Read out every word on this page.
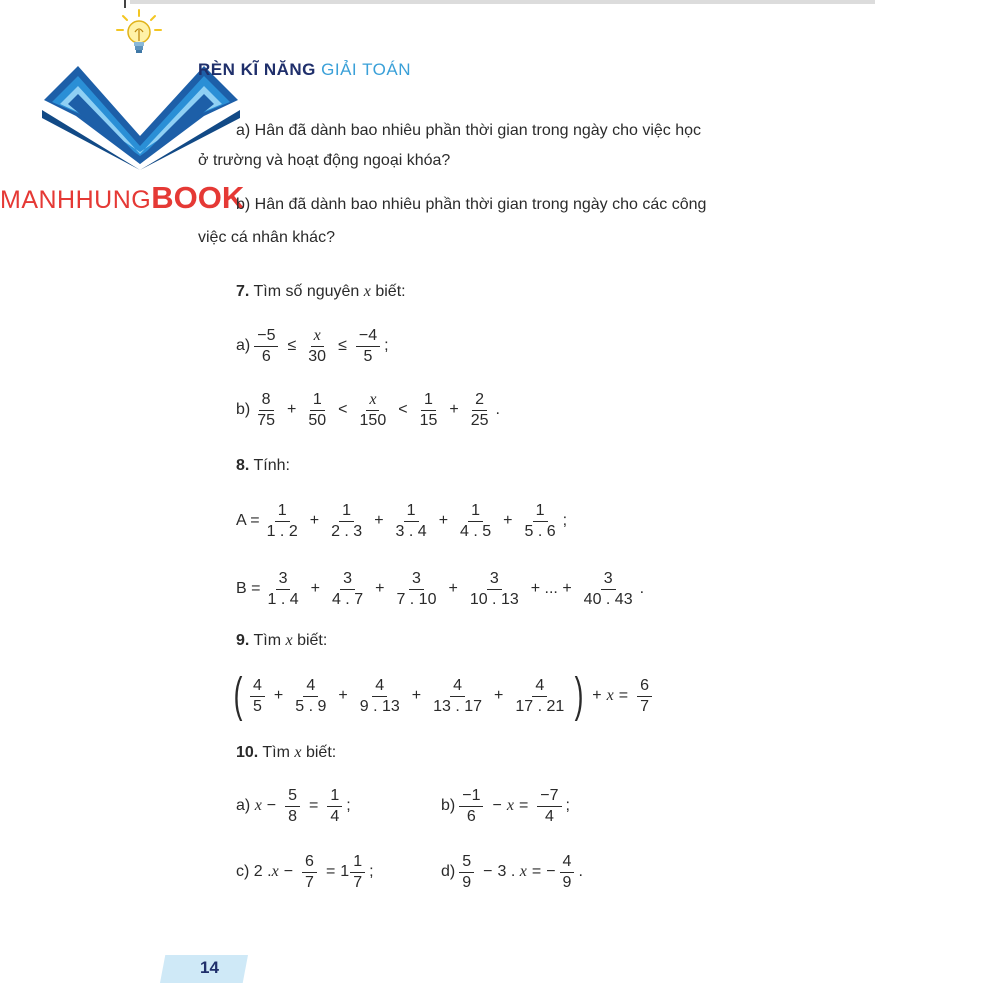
MANHHUNGBOOK
RÈN KĨ NĂNG GIẢI TOÁN
a) Hân đã dành bao nhiêu phần thời gian trong ngày cho việc học
ở trường và hoạt động ngoại khóa?
b) Hân đã dành bao nhiêu phần thời gian trong ngày cho các công
việc cá nhân khác?
7. Tìm số nguyên x biết:
$a) \frac{-5}{6} \le \frac{x}{30} \le \frac{-4}{5}$ ;
$b) \frac{8}{75} + \frac{1}{50} < \frac{x}{150} < \frac{1}{15} + \frac{2}{25}$ .
8. Tính:
$A = \frac{1}{1 . 2} + \frac{1}{2 . 3} + \frac{1}{3 . 4} + \frac{1}{4 . 5} + \frac{1}{5 . 6}$ ;
$B = \frac{3}{1 . 4} + \frac{3}{4 . 7} + \frac{3}{7 . 10} + \frac{3}{10 . 13}$ + ... + $\frac{3}{40 . 43}$ .
9. Tìm x biết:
( $\frac{4}{5} + \frac{4}{5 . 9} + \frac{4}{9 . 13} + \frac{4}{13 . 17} + \frac{4}{17 . 21}$ ) + $x = \frac{6}{7}$
10. Tìm x biết:
a)
$x - \frac{5}{8} = \frac{1}{4}$ ;	$b) \frac{-1}{6} - x = \frac{-7}{4}$ ;
c)
2 . $x - \frac{6}{7} = 1 \frac{1}{7}$ ;	$d) \frac{5}{9} - 3$ .
x = − $\frac{4}{9}$ .
14
